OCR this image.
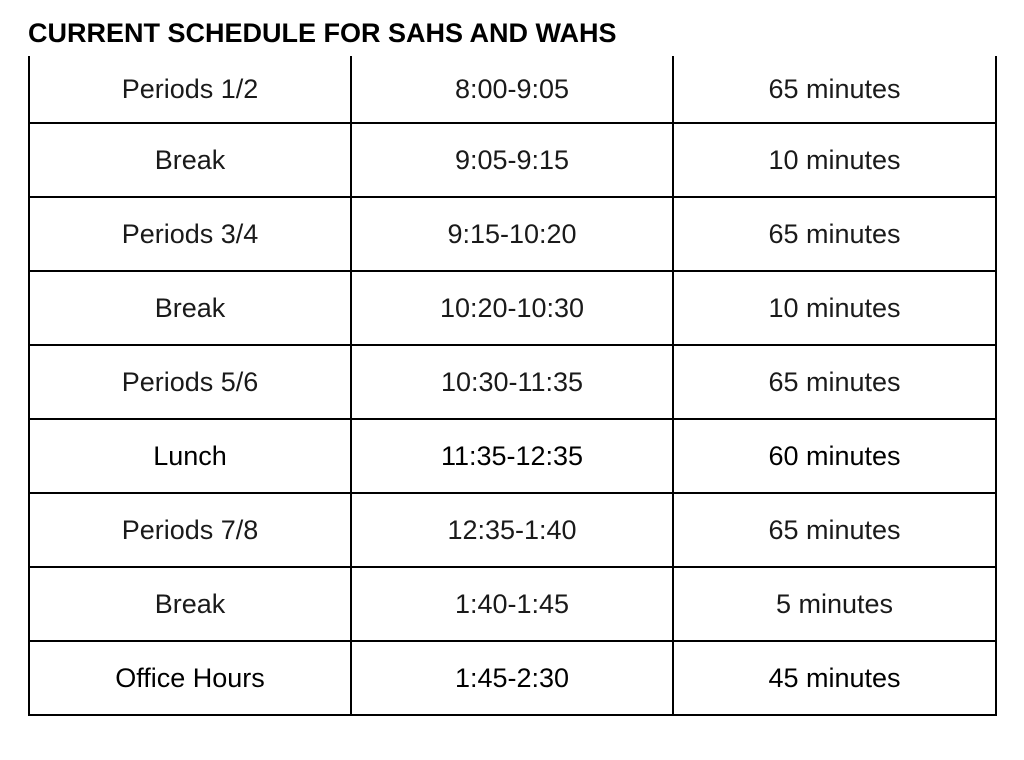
CURRENT SCHEDULE FOR SAHS AND WAHS
Periods 1/2	8:00-9:05	65 minutes
Break	9:05-9:15	10 minutes
Periods 3/4	9:15-10:20	65 minutes
Break	10:20-10:30	10 minutes
Periods 5/6	10:30-11:35	65 minutes
Lunch	11:35-12:35	60 minutes
Periods 7/8	12:35-1:40	65 minutes
Break	1:40-1:45	5 minutes
Office Hours	1:45-2:30	45 minutes
